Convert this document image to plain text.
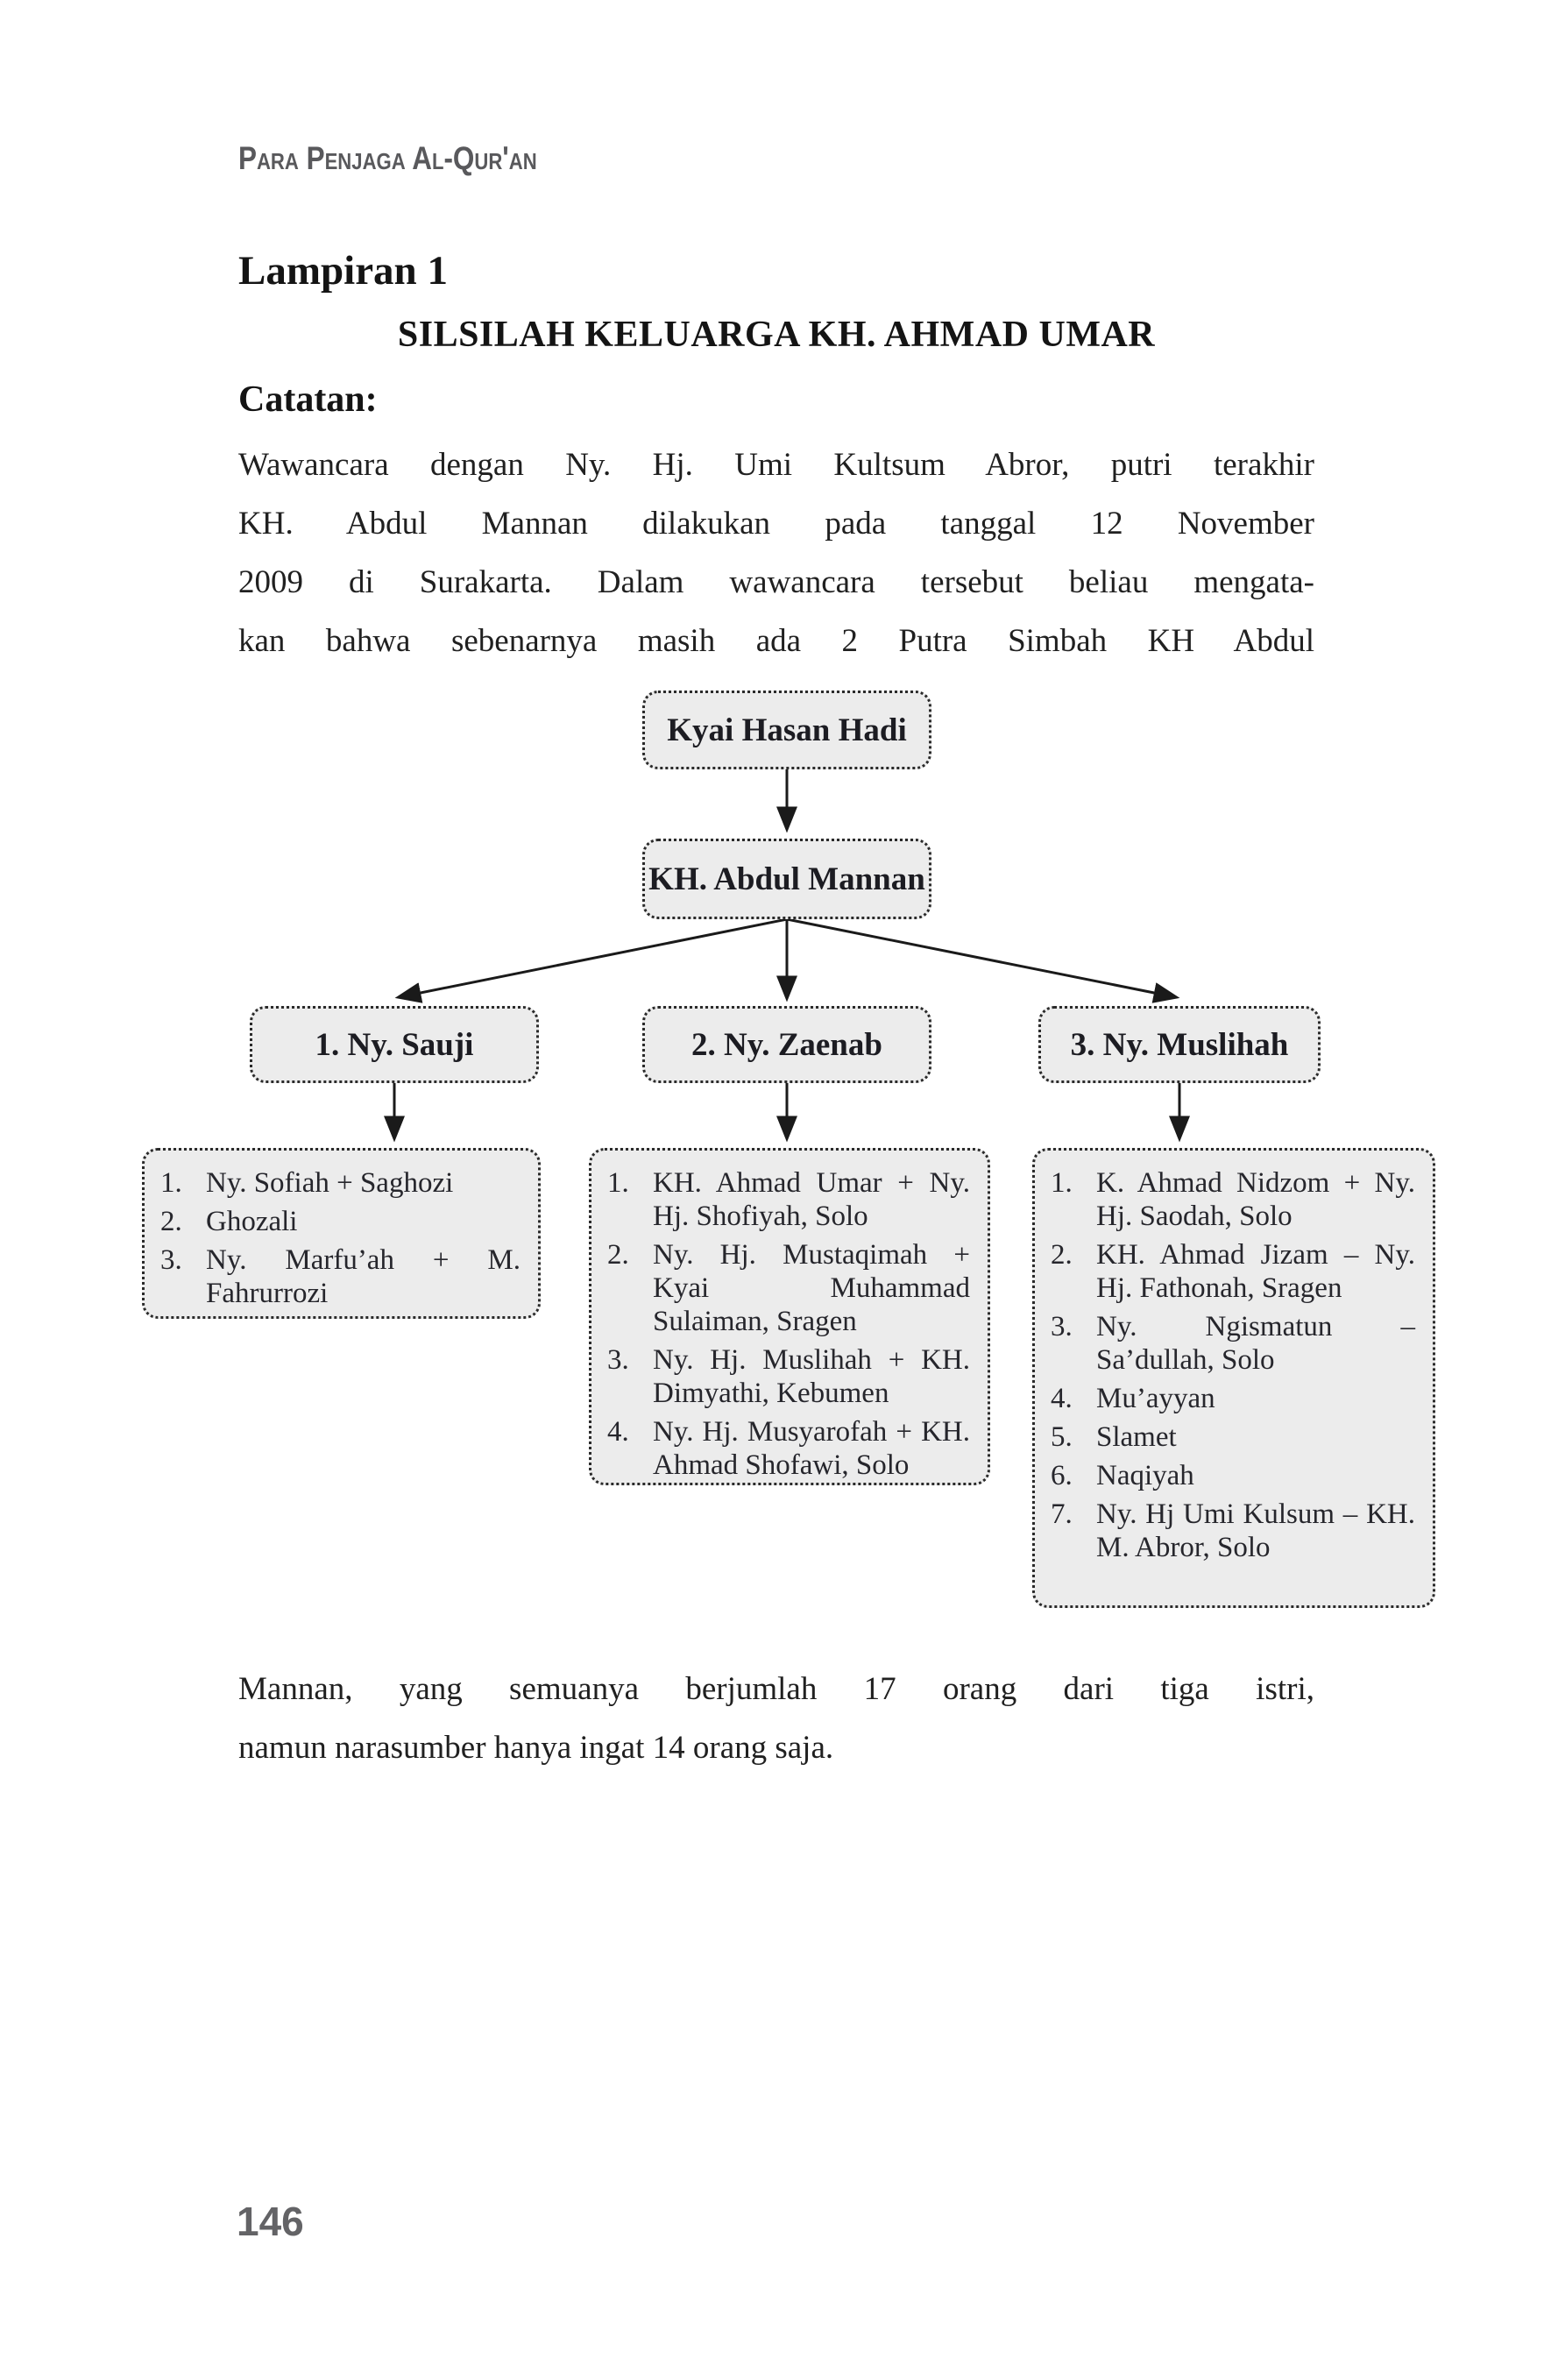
Para Penjaga Al-Qur'an
Lampiran 1
SILSILAH KELUARGA KH. AHMAD UMAR
Catatan:
Wawancara dengan Ny. Hj. Umi Kultsum Abror, putri terakhir
KH. Abdul Mannan dilakukan pada tanggal 12 November
2009 di Surakarta. Dalam wawancara tersebut beliau mengata-
kan bahwa sebenarnya masih ada 2 Putra Simbah KH Abdul
Kyai Hasan Hadi
KH. Abdul Mannan
1. Ny. Sauji	2. Ny. Zaenab	3. Ny. Muslihah
1. Ny. Sofiah + Saghozi
2. Ghozali
3. Ny. Marfu’ah + M. Fahrurrozi
1. KH. Ahmad Umar + Ny. Hj. Shofiyah, Solo
2. Ny. Hj. Mustaqimah + Kyai Muhammad Sulaiman, Sragen
3. Ny. Hj. Muslihah + KH. Dimyathi, Kebumen
4. Ny. Hj. Musyarofah + KH. Ahmad Shofawi, Solo
1. K. Ahmad Nidzom + Ny. Hj. Saodah, Solo
2. KH. Ahmad Jizam – Ny. Hj. Fathonah, Sragen
3. Ny. Ngismatun – Sa’dullah, Solo
4. Mu’ayyan
5. Slamet
6. Naqiyah
7. Ny. Hj Umi Kulsum – KH. M. Abror, Solo
Mannan, yang semuanya berjumlah 17 orang dari tiga istri,
namun narasumber hanya ingat 14 orang saja.
146
